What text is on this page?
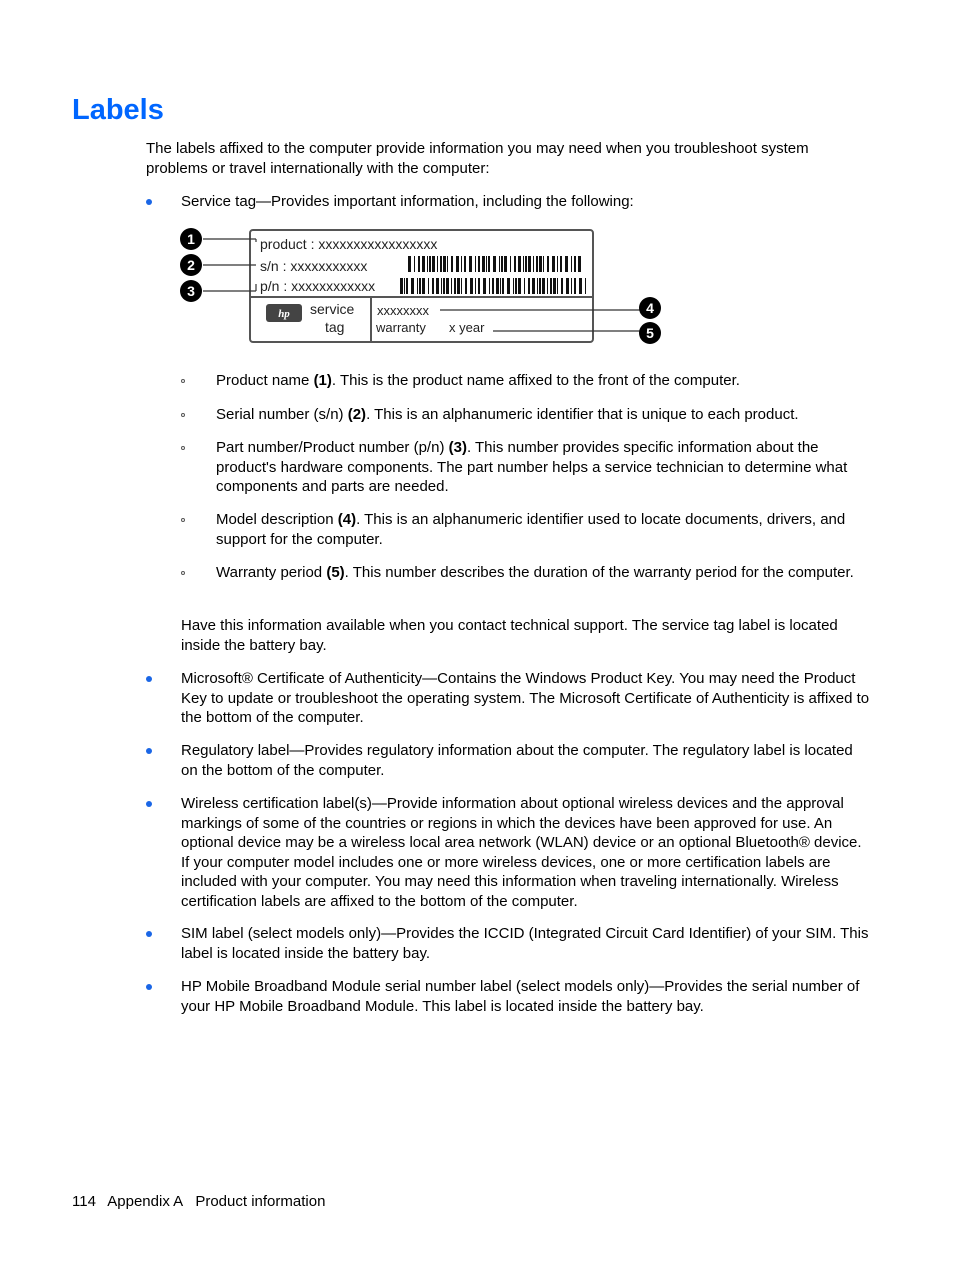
Labels

The labels affixed to the computer provide information you may need when you troubleshoot system problems or travel internationally with the computer:

Service tag—Provides important information, including the following:

1
2
3
4
5
product : xxxxxxxxxxxxxxxxx
s/n : xxxxxxxxxxx
p/n : xxxxxxxxxxxx
hp service
tag
xxxxxxxx
warranty x year

Product name (1). This is the product name affixed to the front of the computer.

Serial number (s/n) (2). This is an alphanumeric identifier that is unique to each product.

Part number/Product number (p/n) (3). This number provides specific information about the product's hardware components. The part number helps a service technician to determine what components and parts are needed.

Model description (4). This is an alphanumeric identifier used to locate documents, drivers, and support for the computer.

Warranty period (5). This number describes the duration of the warranty period for the computer.

Have this information available when you contact technical support. The service tag label is located inside the battery bay.

Microsoft® Certificate of Authenticity—Contains the Windows Product Key. You may need the Product Key to update or troubleshoot the operating system. The Microsoft Certificate of Authenticity is affixed to the bottom of the computer.

Regulatory label—Provides regulatory information about the computer. The regulatory label is located on the bottom of the computer.

Wireless certification label(s)—Provide information about optional wireless devices and the approval markings of some of the countries or regions in which the devices have been approved for use. An optional device may be a wireless local area network (WLAN) device or an optional Bluetooth® device. If your computer model includes one or more wireless devices, one or more certification labels are included with your computer. You may need this information when traveling internationally. Wireless certification labels are affixed to the bottom of the computer.

SIM label (select models only)—Provides the ICCID (Integrated Circuit Card Identifier) of your SIM. This label is located inside the battery bay.

HP Mobile Broadband Module serial number label (select models only)—Provides the serial number of your HP Mobile Broadband Module. This label is located inside the battery bay.

114 Appendix A Product information
